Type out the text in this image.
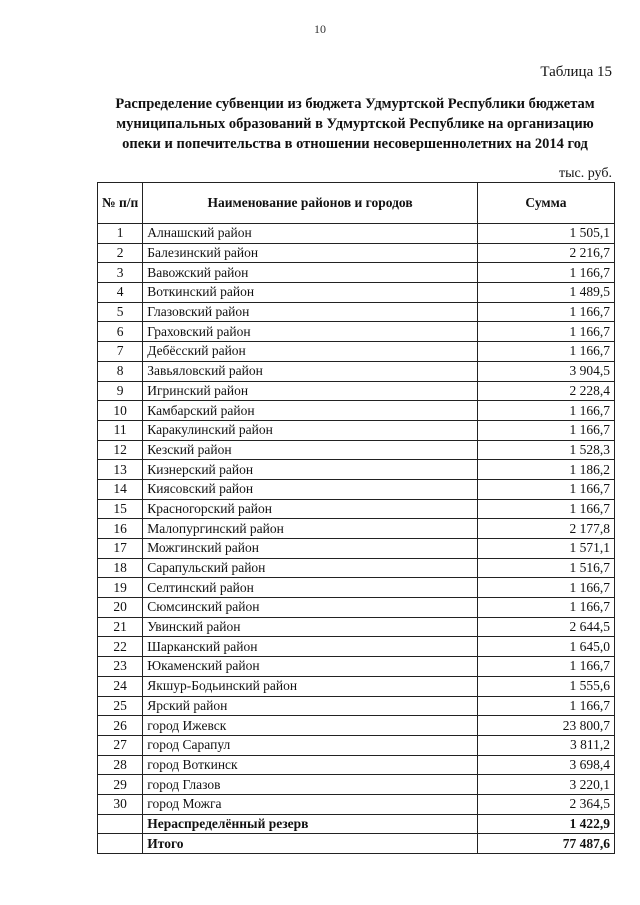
10
Таблица 15
Распределение субвенции из бюджета Удмуртской Республики бюджетам
муниципальных образований в Удмуртской Республике на организацию
опеки и попечительства в отношении несовершеннолетних на 2014 год
тыс. руб.
№ п/п	Наименование районов и городов	Сумма
1	Алнашский район	1 505,1
2	Балезинский район	2 216,7
3	Вавожский район	1 166,7
4	Воткинский район	1 489,5
5	Глазовский район	1 166,7
6	Граховский район	1 166,7
7	Дебёсский район	1 166,7
8	Завьяловский район	3 904,5
9	Игринский район	2 228,4
10	Камбарский район	1 166,7
11	Каракулинский район	1 166,7
12	Кезский район	1 528,3
13	Кизнерский район	1 186,2
14	Киясовский район	1 166,7
15	Красногорский район	1 166,7
16	Малопургинский район	2 177,8
17	Можгинский район	1 571,1
18	Сарапульский район	1 516,7
19	Селтинский район	1 166,7
20	Сюмсинский район	1 166,7
21	Увинский район	2 644,5
22	Шарканский район	1 645,0
23	Юкаменский район	1 166,7
24	Якшур-Бодьинский район	1 555,6
25	Ярский район	1 166,7
26	город Ижевск	23 800,7
27	город Сарапул	3 811,2
28	город Воткинск	3 698,4
29	город Глазов	3 220,1
30	город Можга	2 364,5
	Нераспределённый резерв	1 422,9
	Итого	77 487,6
